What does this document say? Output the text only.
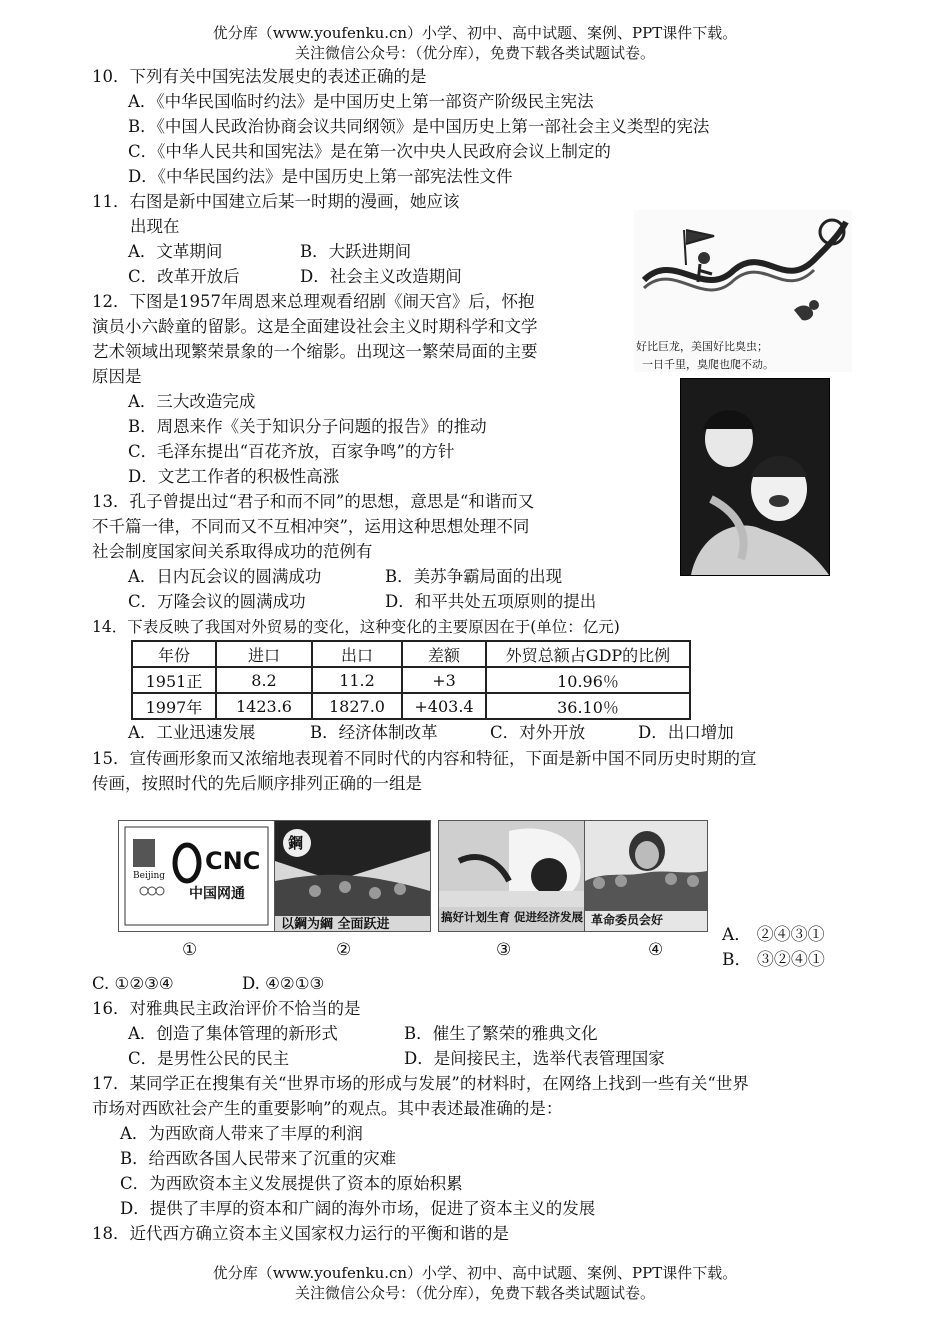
优分库（www.youfenku.cn）小学、初中、高中试题、案例、PPT课件下载。
关注微信公众号：（优分库），免费下载各类试题试卷。
10．下列有关中国宪法发展史的表述正确的是
A．《中华民国临时约法》是中国历史上第一部资产阶级民主宪法
B．《中国人民政治协商会议共同纲领》是中国历史上第一部社会主义类型的宪法
C．《中华人民共和国宪法》是在第一次中央人民政府会议上制定的
D．《中华民国约法》是中国历史上第一部宪法性文件
11．右图是新中国建立后某一时期的漫画，她应该
出现在
A．文革期间	B．大跃进期间
C．改革开放后	D．社会主义改造期间
好比巨龙，美国好比臭虫；
一日千里，臭爬也爬不动。
12．下图是1957年周恩来总理观看绍剧《闹天宫》后，怀抱
演员小六龄童的留影。这是全面建设社会主义时期科学和文学
艺术领域出现繁荣景象的一个缩影。出现这一繁荣局面的主要
原因是
A．三大改造完成
B．周恩来作《关于知识分子问题的报告》的推动
C．毛泽东提出“百花齐放，百家争鸣”的方针
D．文艺工作者的积极性高涨
13．孔子曾提出过“君子和而不同”的思想，意思是“和谐而又
不千篇一律，不同而又不互相冲突”，运用这种思想处理不同
社会制度国家间关系取得成功的范例有
A．日内瓦会议的圆满成功	B．美苏争霸局面的出现
C．万隆会议的圆满成功	D．和平共处五项原则的提出
14．下表反映了我国对外贸易的变化，这种变化的主要原因在于(单位：亿元)
年份	进口	出口	差额	外贸总额占GDP的比例
1951正	8.2	11.2	+3	10.96％
1997年	1423.6	1827.0	+403.4	36.10％
A．工业迅速发展	B．经济体制改革	C．对外开放	D．出口增加
15．宣传画形象而又浓缩地表现着不同时代的内容和特征，下面是新中国不同历史时期的宣
传画，按照时代的先后顺序排列正确的一组是
Beijing
CNC
中国网通
鋼
以鋼为綱 全面跃进	搞好计划生育 促进经济发展 革命委员会好
①	②	③	④
A． ②④③①
B． ③②④①
C. ①②③④	D. ④②①③
16．对雅典民主政治评价不恰当的是
A．创造了集体管理的新形式	B．催生了繁荣的雅典文化
C．是男性公民的民主	D．是间接民主，选举代表管理国家
17．某同学正在搜集有关“世界市场的形成与发展”的材料时，在网络上找到一些有关“世界
市场对西欧社会产生的重要影响”的观点。其中表述最准确的是：
A．为西欧商人带来了丰厚的利润
B．给西欧各国人民带来了沉重的灾难
C．为西欧资本主义发展提供了资本的原始积累
D．提供了丰厚的资本和广阔的海外市场，促进了资本主义的发展
18．近代西方确立资本主义国家权力运行的平衡和谐的是
优分库（www.youfenku.cn）小学、初中、高中试题、案例、PPT课件下载。
关注微信公众号：（优分库），免费下载各类试题试卷。
